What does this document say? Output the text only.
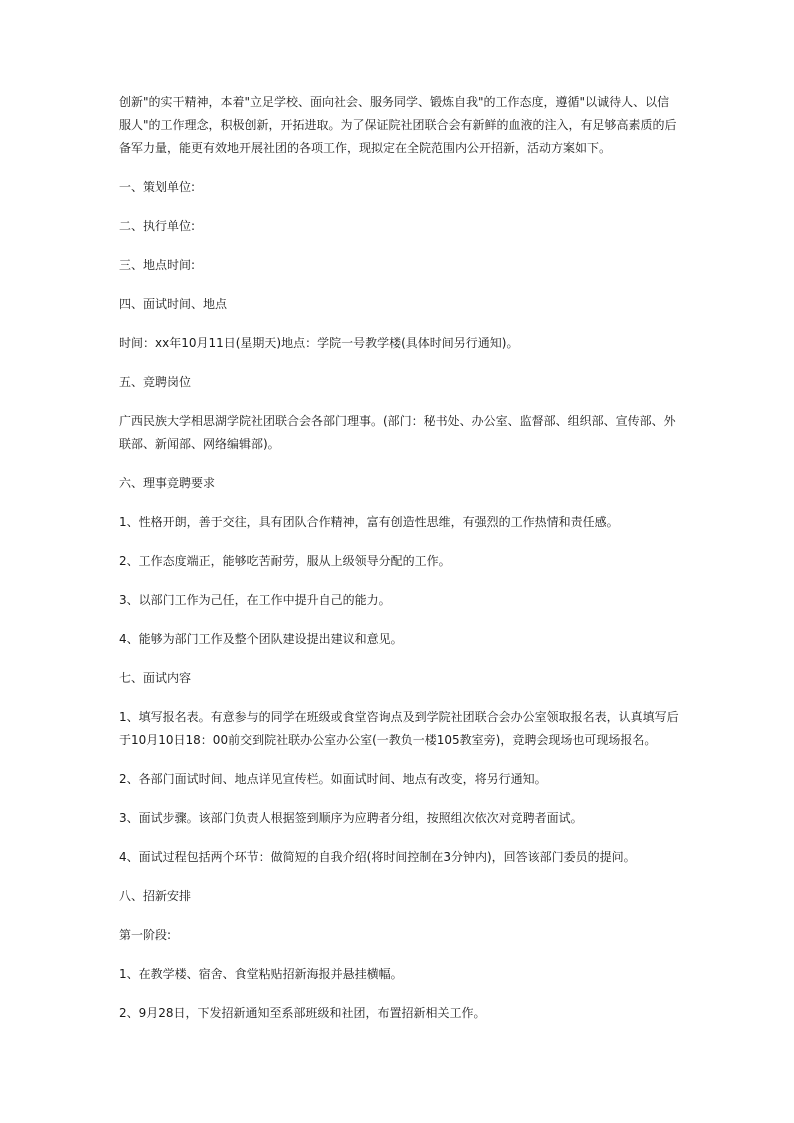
创新"的实干精神，本着"立足学校、面向社会、服务同学、锻炼自我"的工作态度，遵循"以诚待人、以信服人"的工作理念，积极创新，开拓进取。为了保证院社团联合会有新鲜的血液的注入，有足够高素质的后备军力量，能更有效地开展社团的各项工作，现拟定在全院范围内公开招新，活动方案如下。

一、策划单位:

二、执行单位:

三、地点时间:

四、面试时间、地点

时间：xx年10月11日(星期天)地点：学院一号教学楼(具体时间另行通知)。

五、竞聘岗位

广西民族大学相思湖学院社团联合会各部门理事。(部门：秘书处、办公室、监督部、组织部、宣传部、外联部、新闻部、网络编辑部)。

六、理事竞聘要求

1、性格开朗，善于交往，具有团队合作精神，富有创造性思维，有强烈的工作热情和责任感。

2、工作态度端正，能够吃苦耐劳，服从上级领导分配的工作。

3、以部门工作为己任，在工作中提升自己的能力。

4、能够为部门工作及整个团队建设提出建议和意见。

七、面试内容

1、填写报名表。有意参与的同学在班级或食堂咨询点及到学院社团联合会办公室领取报名表，认真填写后于10月10日18：00前交到院社联办公室办公室(一教负一楼105教室旁)，竞聘会现场也可现场报名。

2、各部门面试时间、地点详见宣传栏。如面试时间、地点有改变，将另行通知。

3、面试步骤。该部门负责人根据签到顺序为应聘者分组，按照组次依次对竞聘者面试。

4、面试过程包括两个环节：做简短的自我介绍(将时间控制在3分钟内)，回答该部门委员的提问。

八、招新安排

第一阶段:

1、在教学楼、宿舍、食堂粘贴招新海报并悬挂横幅。

2、9月28日，下发招新通知至系部班级和社团，布置招新相关工作。
